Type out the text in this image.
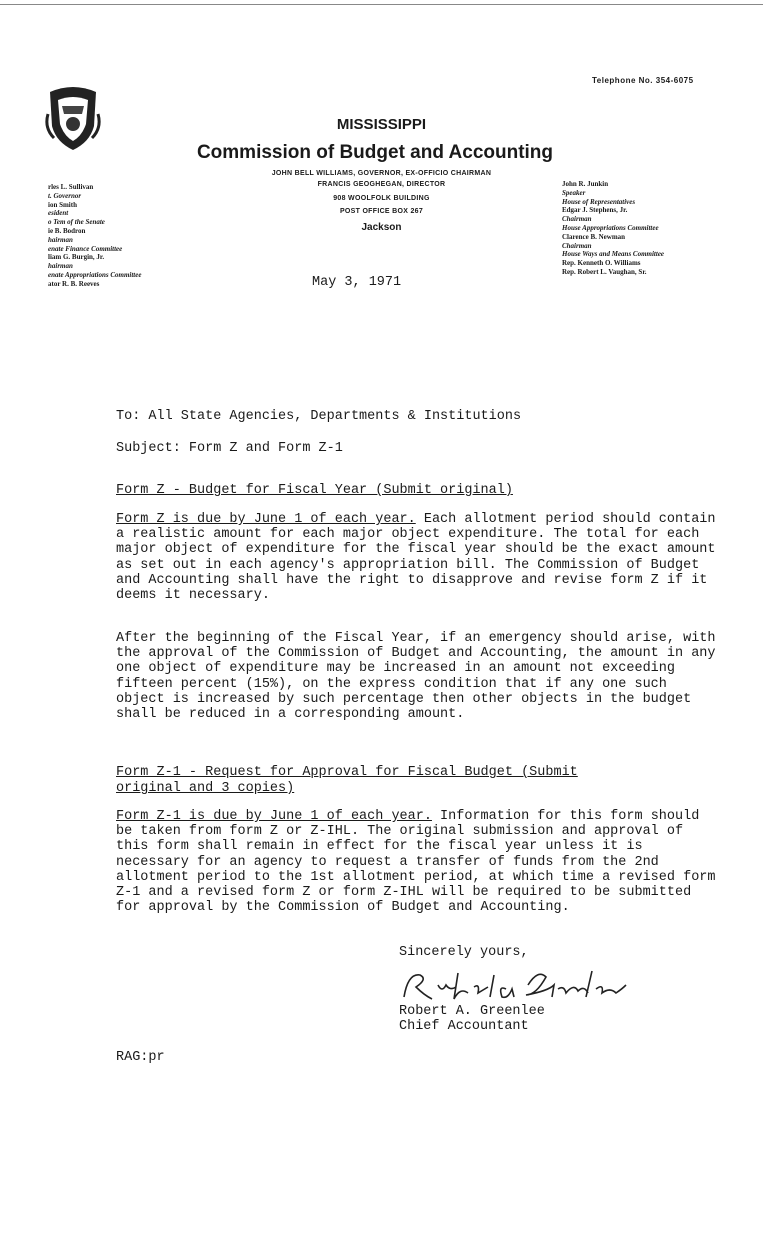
Telephone No. 354-6075
MISSISSIPPI
Commission of Budget and Accounting
JOHN BELL WILLIAMS, GOVERNOR, EX-OFFICIO CHAIRMAN
FRANCIS GEOGHEGAN, DIRECTOR
908 WOOLFOLK BUILDING
POST OFFICE BOX 267
Jackson
rles L. Sullivan
t. Governor
ion Smith
esident
o Tem of the Senate
ie B. Bodron
hairman
enate Finance Committee
liam G. Burgin, Jr.
hairman
enate Appropriations Committee
ator R. B. Reeves
John R. Junkin
Speaker
House of Representatives
Edgar J. Stephens, Jr.
Chairman
House Appropriations Committee
Clarence B. Newman
Chairman
House Ways and Means Committee
Rep. Kenneth O. Williams
Rep. Robert L. Vaughan, Sr.
May 3, 1971
To: All State Agencies, Departments & Institutions
Subject: Form Z and Form Z-1
Form Z - Budget for Fiscal Year (Submit original)
Form Z is due by June 1 of each year. Each allotment period should contain a realistic amount for each major object expenditure. The total for each major object of expenditure for the fiscal year should be the exact amount as set out in each agency's appropriation bill. The Commission of Budget and Accounting shall have the right to disapprove and revise form Z if it deems it necessary.
After the beginning of the Fiscal Year, if an emergency should arise, with the approval of the Commission of Budget and Accounting, the amount in any one object of expenditure may be increased in an amount not exceeding fifteen percent (15%), on the express condition that if any one such object is increased by such percentage then other objects in the budget shall be reduced in a corresponding amount.
Form Z-1 - Request for Approval for Fiscal Budget (Submit
original and 3 copies)
Form Z-1 is due by June 1 of each year. Information for this form should be taken from form Z or Z-IHL. The original submission and approval of this form shall remain in effect for the fiscal year unless it is necessary for an agency to request a transfer of funds from the 2nd allotment period to the 1st allotment period, at which time a revised form Z-1 and a revised form Z or form Z-IHL will be required to be submitted for approval by the Commission of Budget and Accounting.
Sincerely yours,
Robert A. Greenlee
Chief Accountant
RAG:pr
